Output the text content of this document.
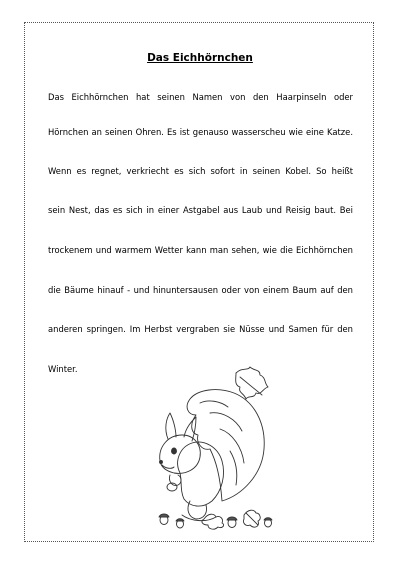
Das Eichhörnchen
Das Eichhörnchen hat seinen Namen von den Haarpinseln oder
Hörnchen an seinen Ohren. Es ist genauso wasserscheu wie eine Katze.
Wenn es regnet, verkriecht es sich sofort in seinen Kobel. So heißt
sein Nest, das es sich in einer Astgabel aus Laub und Reisig baut. Bei
trockenem und warmem Wetter kann man sehen, wie die Eichhörnchen
die Bäume hinauf - und hinuntersausen oder von einem Baum auf den
anderen springen. Im Herbst vergraben sie Nüsse und Samen für den
Winter.
